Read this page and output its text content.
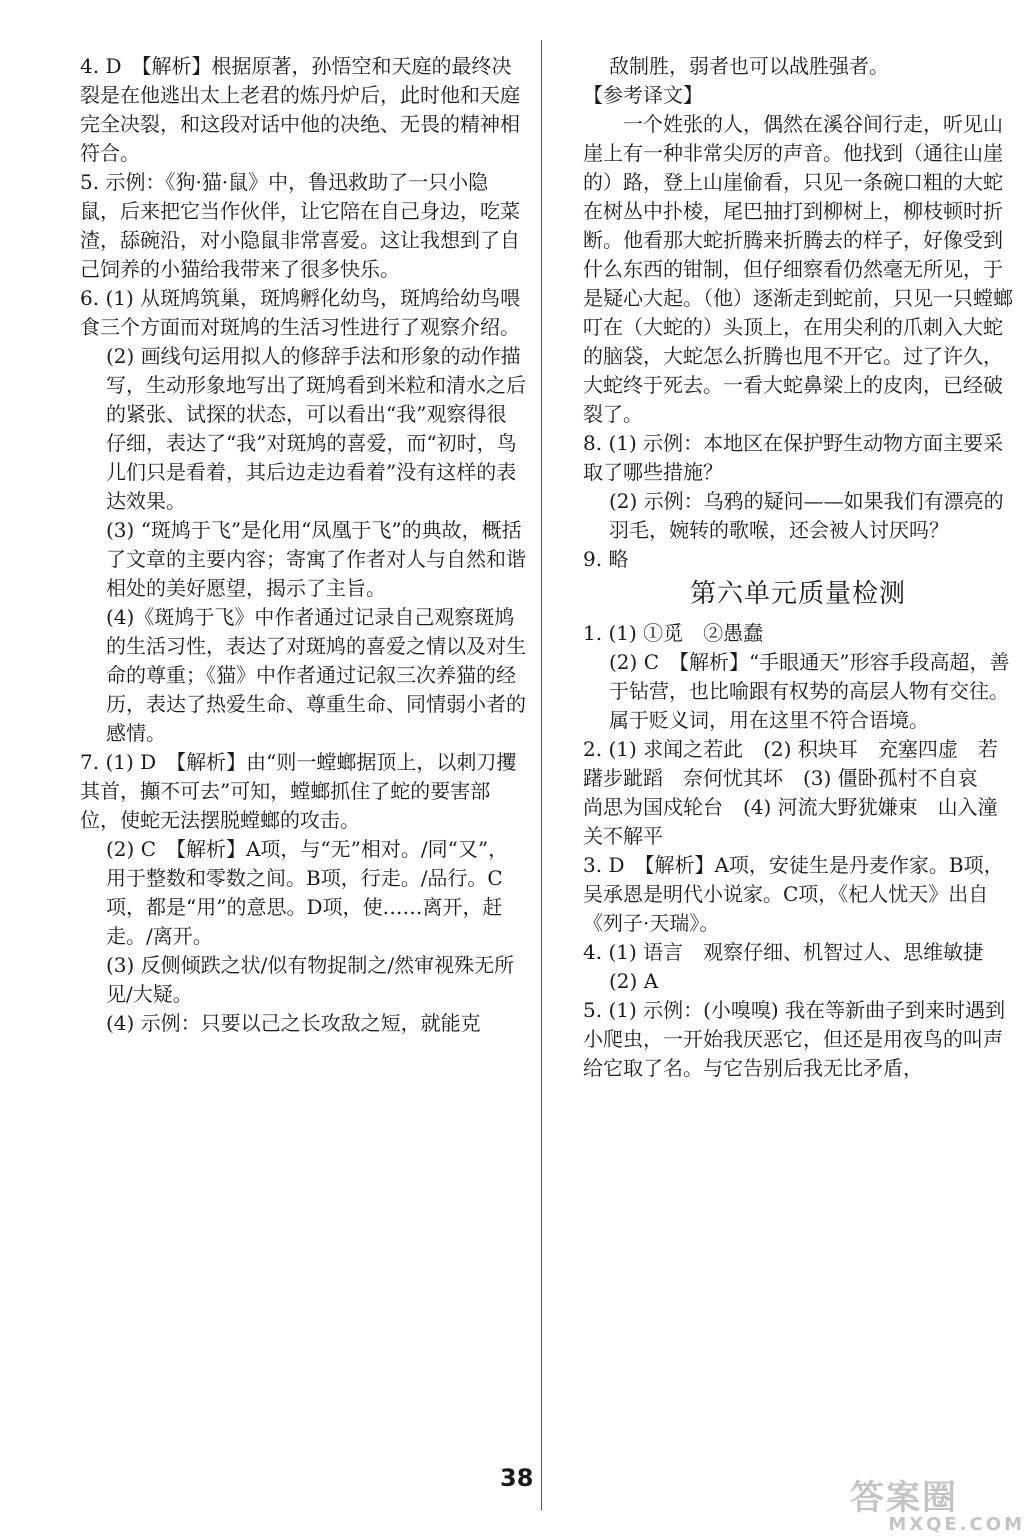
4. D　【解析】根据原著，孙悟空和天庭的最终决裂是在他逃出太上老君的炼丹炉后，此时他和天庭完全决裂，和这段对话中他的决绝、无畏的精神相符合。

5. 示例：《狗·猫·鼠》中，鲁迅救助了一只小隐鼠，后来把它当作伙伴，让它陪在自己身边，吃菜渣，舔碗沿，对小隐鼠非常喜爱。这让我想到了自己饲养的小猫给我带来了很多快乐。

6. (1) 从斑鸠筑巢，斑鸠孵化幼鸟，斑鸠给幼鸟喂食三个方面而对斑鸠的生活习性进行了观察介绍。

(2) 画线句运用拟人的修辞手法和形象的动作描写，生动形象地写出了斑鸠看到米粒和清水之后的紧张、试探的状态，可以看出“我”观察得很仔细，表达了“我”对斑鸠的喜爱，而“初时，鸟儿们只是看着，其后边走边看着”没有这样的表达效果。

(3) “斑鸠于飞”是化用“凤凰于飞”的典故，概括了文章的主要内容；寄寓了作者对人与自然和谐相处的美好愿望，揭示了主旨。

(4)《斑鸠于飞》中作者通过记录自己观察斑鸠的生活习性，表达了对斑鸠的喜爱之情以及对生命的尊重；《猫》中作者通过记叙三次养猫的经历，表达了热爱生命、尊重生命、同情弱小者的感情。

7. (1) D　【解析】由“则一螳螂据顶上，以刺刀攫其首，攧不可去”可知，螳螂抓住了蛇的要害部位，使蛇无法摆脱螳螂的攻击。

(2) C　【解析】A项，与“无”相对。/同“又”，用于整数和零数之间。B项，行走。/品行。C项，都是“用”的意思。D项，使……离开，赶走。/离开。

(3) 反侧倾跌之状/似有物捉制之/然审视殊无所见/大疑。

(4) 示例：只要以己之长攻敌之短，就能克

敌制胜，弱者也可以战胜强者。

【参考译文】

一个姓张的人，偶然在溪谷间行走，听见山崖上有一种非常尖厉的声音。他找到（通往山崖的）路，登上山崖偷看，只见一条碗口粗的大蛇在树丛中扑棱，尾巴抽打到柳树上，柳枝顿时折断。他看那大蛇折腾来折腾去的样子，好像受到什么东西的钳制，但仔细察看仍然毫无所见，于是疑心大起。（他）逐渐走到蛇前，只见一只螳螂叮在（大蛇的）头顶上，在用尖利的爪刺入大蛇的脑袋，大蛇怎么折腾也甩不开它。过了许久，大蛇终于死去。一看大蛇鼻梁上的皮肉，已经破裂了。

8. (1) 示例：本地区在保护野生动物方面主要采取了哪些措施？

(2) 示例：乌鸦的疑问——如果我们有漂亮的羽毛，婉转的歌喉，还会被人讨厌吗？

9. 略

第六单元质量检测

1. (1) ①觅　②愚蠢

(2) C　【解析】“手眼通天”形容手段高超，善于钻营，也比喻跟有权势的高层人物有交往。属于贬义词，用在这里不符合语境。

2. (1) 求闻之若此　(2) 积块耳　充塞四虚　若躇步跐蹈　奈何忧其坏　(3) 僵卧孤村不自哀　尚思为国戍轮台　(4) 河流大野犹嫌束　山入潼关不解平

3. D　【解析】A项，安徒生是丹麦作家。B项，吴承恩是明代小说家。C项，《杞人忧天》出自《列子·天瑞》。

4. (1) 语言　观察仔细、机智过人、思维敏捷

(2) A

5. (1) 示例：(小嗅嗅) 我在等新曲子到来时遇到小爬虫，一开始我厌恶它，但还是用夜鸟的叫声给它取了名。与它告别后我无比矛盾，

38	答案圈
MXQE.COM
